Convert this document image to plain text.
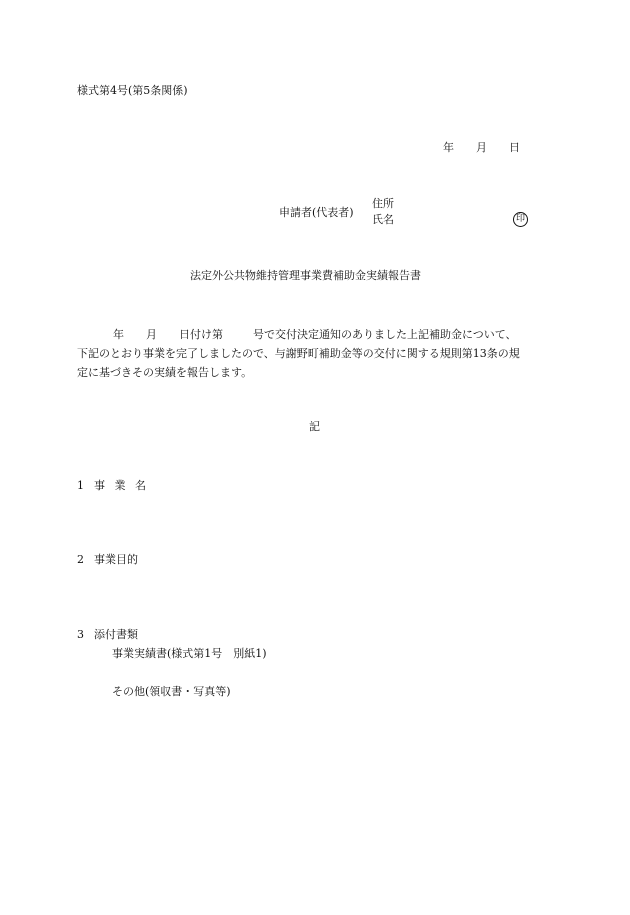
様式第4号(第5条関係)
年 月 日
申請者(代表者)
住所
氏名	印
法定外公共物維持管理事業費補助金実績報告書
年 月 日付け第	号で交付決定通知のありました上記補助金について、
下記のとおり事業を完了しましたので、与謝野町補助金等の交付に関する規則第13条の規
定に基づきその実績を報告します。
記
1 事 業 名
2 事業目的
3 添付書類
事業実績書(様式第1号　別紙1)
その他(領収書・写真等)
